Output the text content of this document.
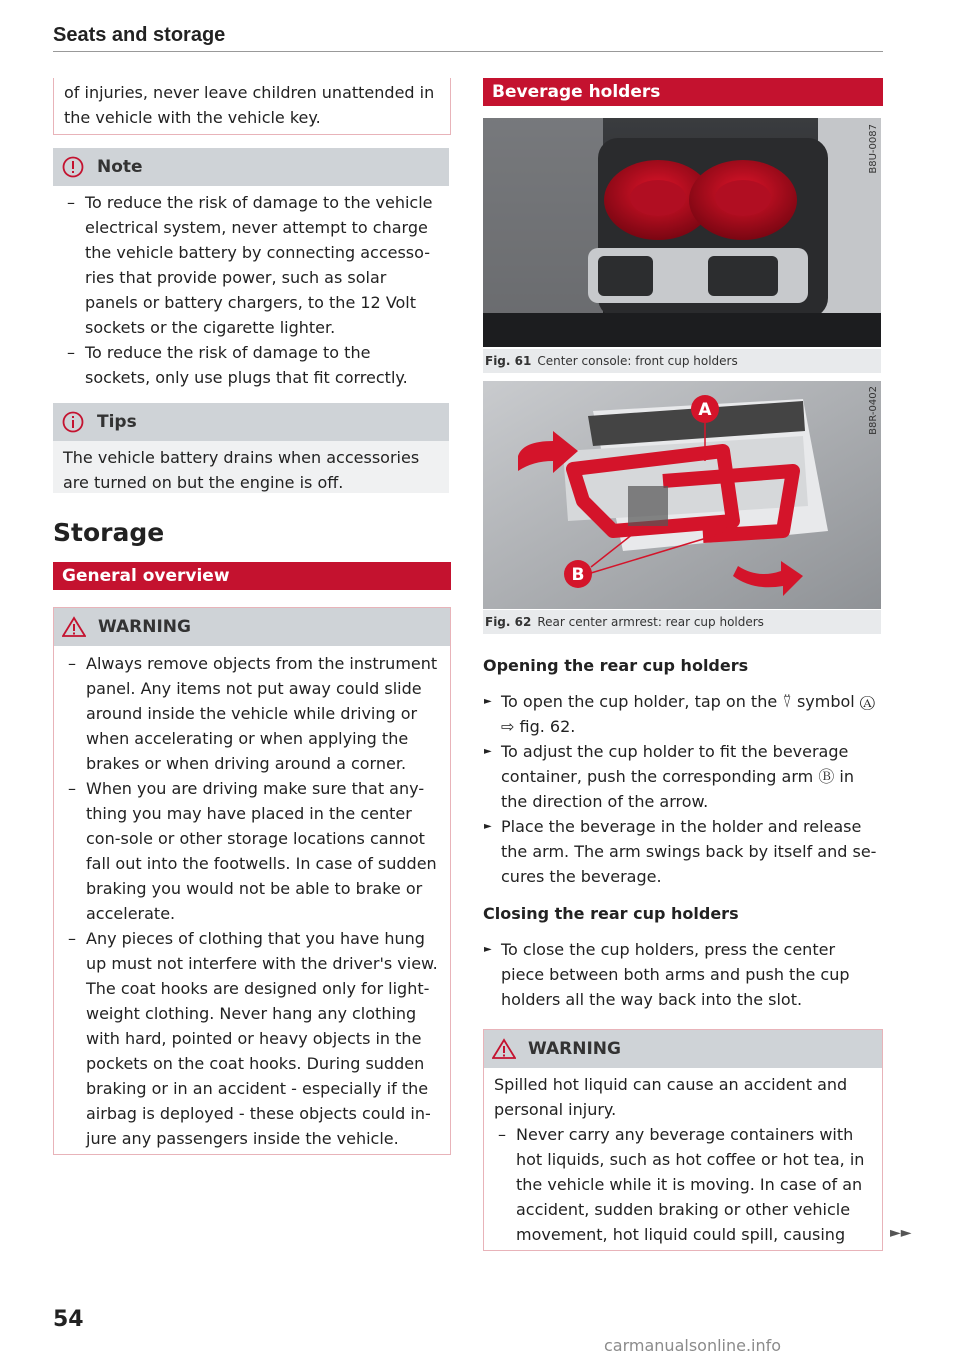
Seats and storage
of injuries, never leave children unattended in the vehicle with the vehicle key.
Note
– To reduce the risk of damage to the vehicle electrical system, never attempt to charge the vehicle battery by connecting accesso-ries that provide power, such as solar panels or battery chargers, to the 12 Volt sockets or the cigarette lighter.
– To reduce the risk of damage to the sockets, only use plugs that fit correctly.
Tips
The vehicle battery drains when accessories are turned on but the engine is off.
Storage
General overview
WARNING
– Always remove objects from the instrument panel. Any items not put away could slide around inside the vehicle while driving or when accelerating or when applying the brakes or when driving around a corner.
– When you are driving make sure that any-thing you may have placed in the center con-sole or other storage locations cannot fall out into the footwells. In case of sudden braking you would not be able to brake or accelerate.
– Any pieces of clothing that you have hung up must not interfere with the driver's view. The coat hooks are designed only for light-weight clothing. Never hang any clothing with hard, pointed or heavy objects in the pockets on the coat hooks. During sudden braking or in an accident - especially if the airbag is deployed - these objects could in-jure any passengers inside the vehicle.
Beverage holders
B8U-0087
Fig. 61 Center console: front cup holders
A
B
B8R-0402
Fig. 62 Rear center armrest: rear cup holders
Opening the rear cup holders
► To open the cup holder, tap on the ⍢ symbol Ⓐ ⇨ fig. 62.
► To adjust the cup holder to fit the beverage container, push the corresponding arm Ⓑ in the direction of the arrow.
► Place the beverage in the holder and release the arm. The arm swings back by itself and se-cures the beverage.
Closing the rear cup holders
► To close the cup holders, press the center piece between both arms and push the cup holders all the way back into the slot.
WARNING
Spilled hot liquid can cause an accident and personal injury.
– Never carry any beverage containers with hot liquids, such as hot coffee or hot tea, in the vehicle while it is moving. In case of an accident, sudden braking or other vehicle movement, hot liquid could spill, causing	►►
54
carmanualsonline.info
